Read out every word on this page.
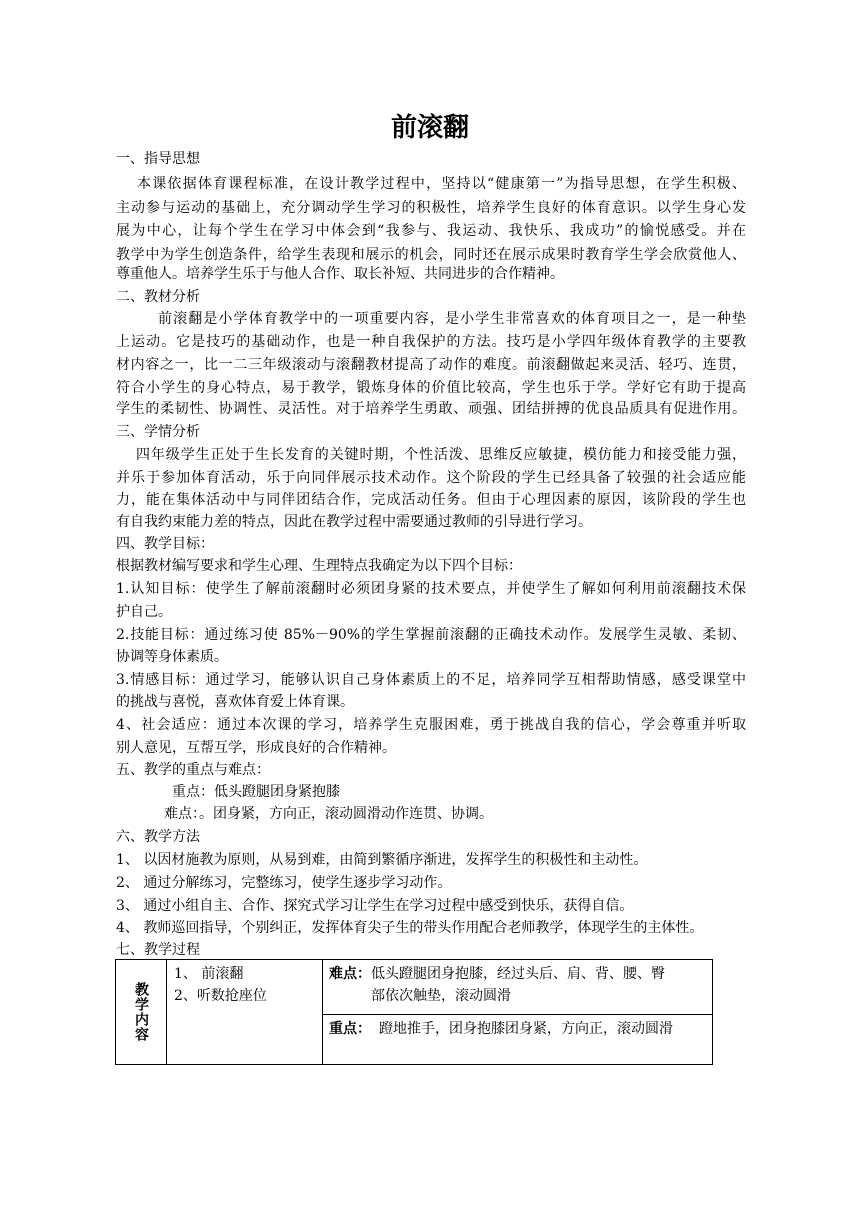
前滚翻
一、指导思想
本课依据体育课程标准，在设计教学过程中，坚持以“健康第一”为指导思想，在学生积极、
主动参与运动的基础上，充分调动学生学习的积极性，培养学生良好的体育意识。以学生身心发
展为中心，让每个学生在学习中体会到“我参与、我运动、我快乐、我成功”的愉悦感受。并在
教学中为学生创造条件，给学生表现和展示的机会，同时还在展示成果时教育学生学会欣赏他人、
尊重他人。培养学生乐于与他人合作、取长补短、共同进步的合作精神。
二、教材分析
前滚翻是小学体育教学中的一项重要内容，是小学生非常喜欢的体育项目之一，是一种垫
上运动。它是技巧的基础动作，也是一种自我保护的方法。技巧是小学四年级体育教学的主要教
材内容之一，比一二三年级滚动与滚翻教材提高了动作的难度。前滚翻做起来灵活、轻巧、连贯，
符合小学生的身心特点，易于教学，锻炼身体的价值比较高，学生也乐于学。学好它有助于提高
学生的柔韧性、协调性、灵活性。对于培养学生勇敢、顽强、团结拼搏的优良品质具有促进作用。
三、学情分析
四年级学生正处于生长发育的关键时期，个性活泼、思维反应敏捷，模仿能力和接受能力强，
并乐于参加体育活动，乐于向同伴展示技术动作。这个阶段的学生已经具备了较强的社会适应能
力，能在集体活动中与同伴团结合作，完成活动任务。但由于心理因素的原因，该阶段的学生也
有自我约束能力差的特点，因此在教学过程中需要通过教师的引导进行学习。
四、教学目标：
根据教材编写要求和学生心理、生理特点我确定为以下四个目标：
1.认知目标：使学生了解前滚翻时必须团身紧的技术要点，并使学生了解如何利用前滚翻技术保
护自己。
2.技能目标：通过练习使 85%－90%的学生掌握前滚翻的正确技术动作。发展学生灵敏、柔韧、
协调等身体素质。
3.情感目标：通过学习，能够认识自己身体素质上的不足，培养同学互相帮助情感，感受课堂中
的挑战与喜悦，喜欢体育爱上体育课。
4、社会适应：通过本次课的学习，培养学生克服困难，勇于挑战自我的信心，学会尊重并听取
别人意见，互帮互学，形成良好的合作精神。
五、教学的重点与难点：
重点：低头蹬腿团身紧抱膝
难点：。团身紧，方向正，滚动圆滑动作连贯、协调。
六、教学方法
1、 以因材施教为原则，从易到难，由简到繁循序渐进，发挥学生的积极性和主动性。
2、 通过分解练习，完整练习，使学生逐步学习动作。
3、 通过小组自主、合作、探究式学习让学生在学习过程中感受到快乐，获得自信。
4、 教师巡回指导，个别纠正，发挥体育尖子生的带头作用配合老师教学，体现学生的主体性。
七、教学过程
教学内容
1、 前滚翻
2、听数抢座位
难点：低头蹬腿团身抱膝，经过头后、肩、背、腰、臀
部依次触垫，滚动圆滑
重点： 蹬地推手，团身抱膝团身紧，方向正，滚动圆滑
